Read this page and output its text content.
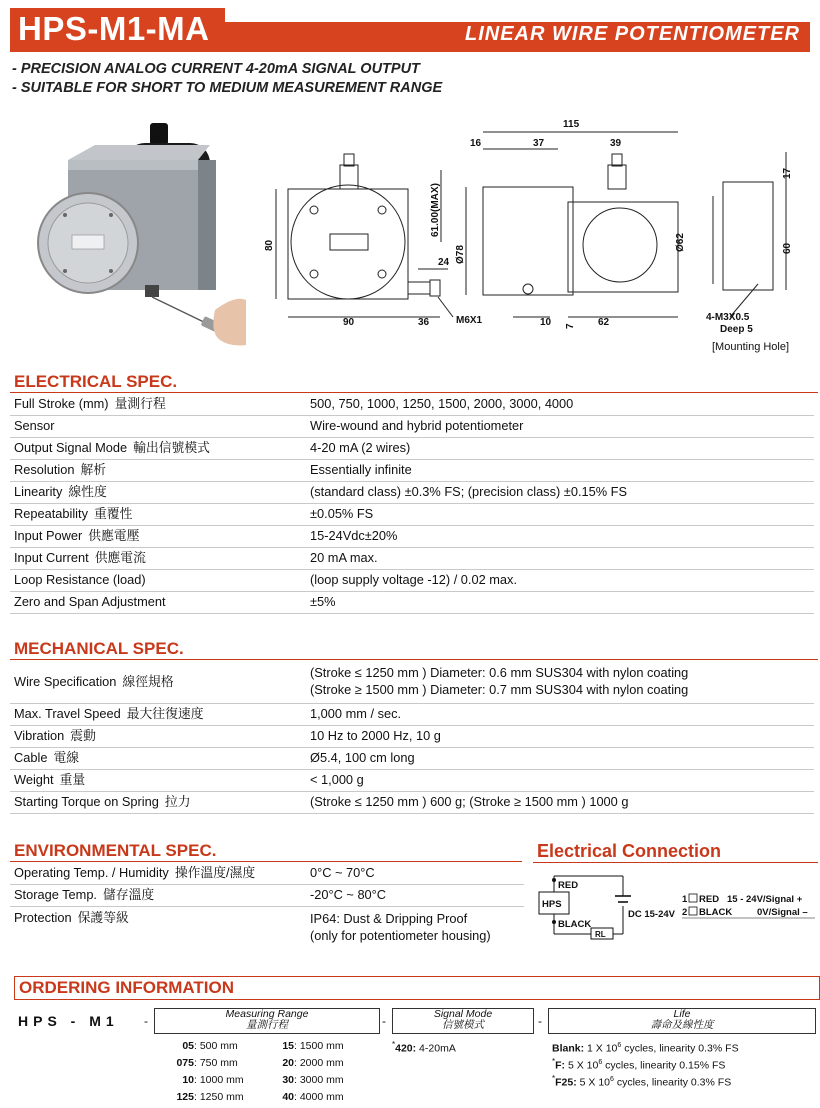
HPS-M1-MA	LINEAR WIRE POTENTIOMETER
- PRECISION ANALOG CURRENT 4-20mA SIGNAL OUTPUT
- SUITABLE FOR SHORT TO MEDIUM MEASUREMENT RANGE
115
16	37	39
80
61.00(MAX)
Ø78
Ø62
17
60
24
M6X1
90	36	10 7 62	4-M3X0.5
Deep 5
[Mounting Hole]
ELECTRICAL SPEC.
Full Stroke (mm) 量測行程	500, 750, 1000, 1250, 1500, 2000, 3000, 4000
Sensor	Wire-wound and hybrid potentiometer
Output Signal Mode 輸出信號模式	4-20 mA (2 wires)
Resolution 解析	Essentially infinite
Linearity 線性度	(standard class) ±0.3% FS; (precision class) ±0.15% FS
Repeatability 重覆性	±0.05% FS
Input Power 供應電壓	15-24Vdc±20%
Input Current 供應電流	20 mA max.
Loop Resistance (load)	(loop supply voltage -12) / 0.02 max.
Zero and Span Adjustment	±5%
MECHANICAL SPEC.
Wire Specification 線徑規格	(Stroke ≤ 1250 mm ) Diameter: 0.6 mm SUS304 with nylon coating
(Stroke ≥ 1500 mm ) Diameter: 0.7 mm SUS304 with nylon coating

Max. Travel Speed 最大往復速度	1,000 mm / sec.
Vibration 震動	10 Hz to 2000 Hz, 10 g
Cable 電線	Ø5.4, 100 cm long
Weight 重量	< 1,000 g
Starting Torque on Spring 拉力	(Stroke ≤ 1250 mm ) 600 g; (Stroke ≥ 1500 mm ) 1000 g
ENVIRONMENTAL SPEC.
Operating Temp. / Humidity 操作溫度/濕度	0°C ~ 70°C
Storage Temp. 儲存溫度	-20°C ~ 80°C
Protection 保護等級	IP64: Dust & Dripping Proof
(only for potentiometer housing)
Electrical Connection
RED
HPS
BLACK
RL
DC 15-24V
1 RED 15 - 24V/Signal +
2 BLACK	0V/Signal –
ORDERING INFORMATION
HPS - M1 -	Measuring Range
量測行程	-	Signal Mode
信號模式	-	Life
壽命及線性度
05: 500 mm
075: 750 mm
10: 1000 mm
125: 1250 mm
15: 1500 mm
20: 2000 mm
30: 3000 mm
40: 4000 mm
*420: 4-20mA	Blank: 1 X $10^6$ cycles, linearity 0.3% FS
*F: 5 X $10^6$ cycles, linearity 0.15% FS
*F25: 5 X $10^6$ cycles, linearity 0.3% FS
